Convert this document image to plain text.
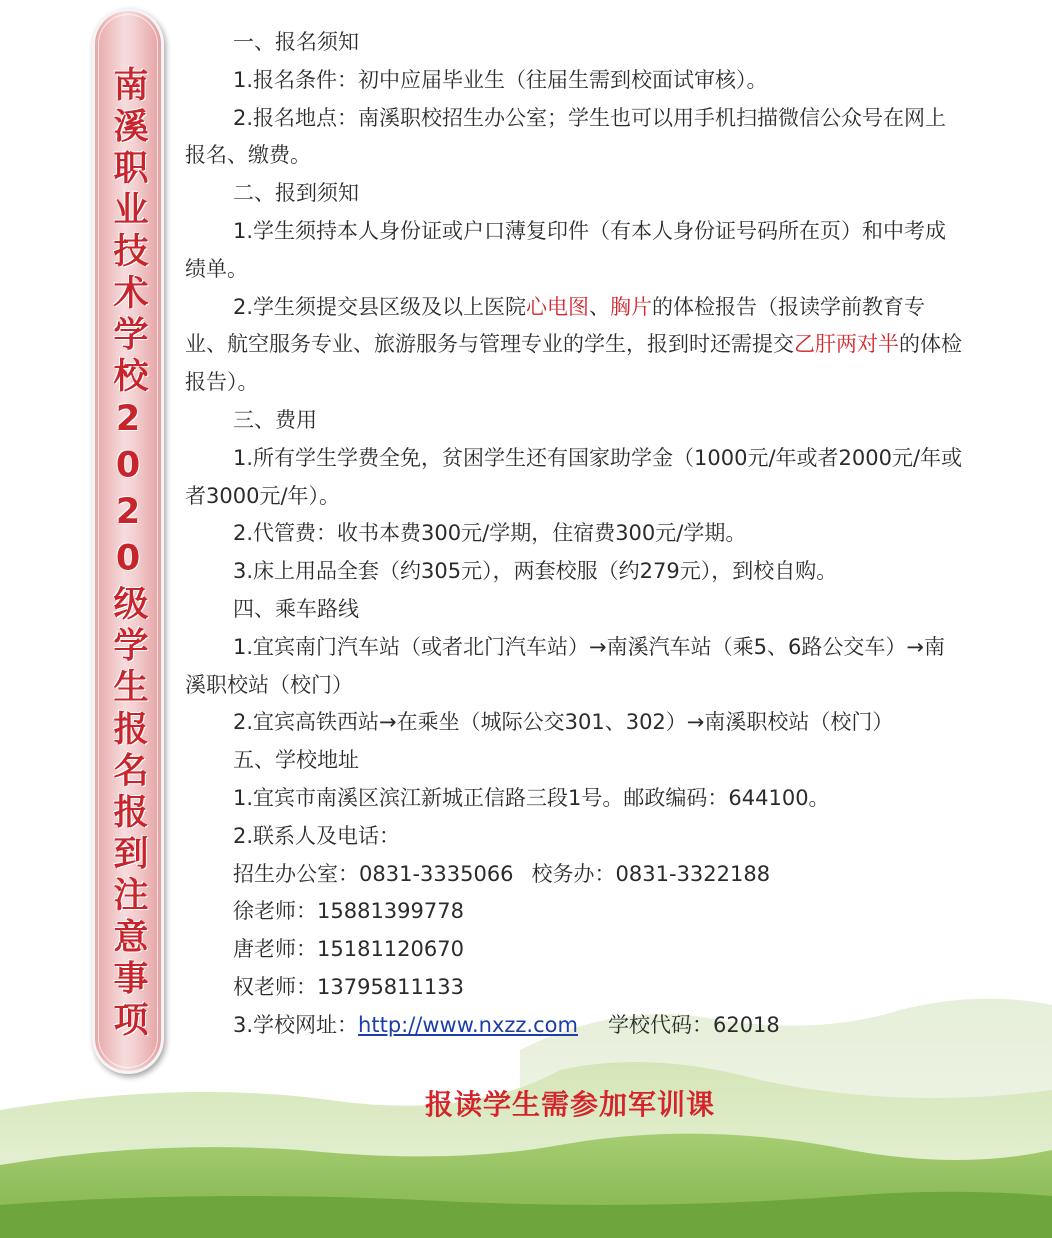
南溪职业技术学校2020级学生报名报到注意事项

一、报名须知

1.报名条件：初中应届毕业生（往届生需到校面试审核）。

2.报名地点：南溪职校招生办公室；学生也可以用手机扫描微信公众号在网上报名、缴费。

二、报到须知

1.学生须持本人身份证或户口薄复印件（有本人身份证号码所在页）和中考成绩单。

2.学生须提交县区级及以上医院心电图、胸片的体检报告（报读学前教育专业、航空服务专业、旅游服务与管理专业的学生，报到时还需提交乙肝两对半的体检报告）。

三、费用

1.所有学生学费全免，贫困学生还有国家助学金（1000元/年或者2000元/年或者3000元/年）。

2.代管费：收书本费300元/学期，住宿费300元/学期。

3.床上用品全套（约305元），两套校服（约279元），到校自购。

四、乘车路线

1.宜宾南门汽车站（或者北门汽车站）→南溪汽车站（乘5、6路公交车）→南溪职校站（校门）

2.宜宾高铁西站→在乘坐（城际公交301、302）→南溪职校站（校门）

五、学校地址

1.宜宾市南溪区滨江新城正信路三段1号。邮政编码：644100。

2.联系人及电话：

招生办公室：0831-3335066 校务办：0831-3322188

徐老师：15881399778

唐老师：15181120670

权老师：13795811133

3.学校网址：http://www.nxzz.com 学校代码：62018

报读学生需参加军训课
